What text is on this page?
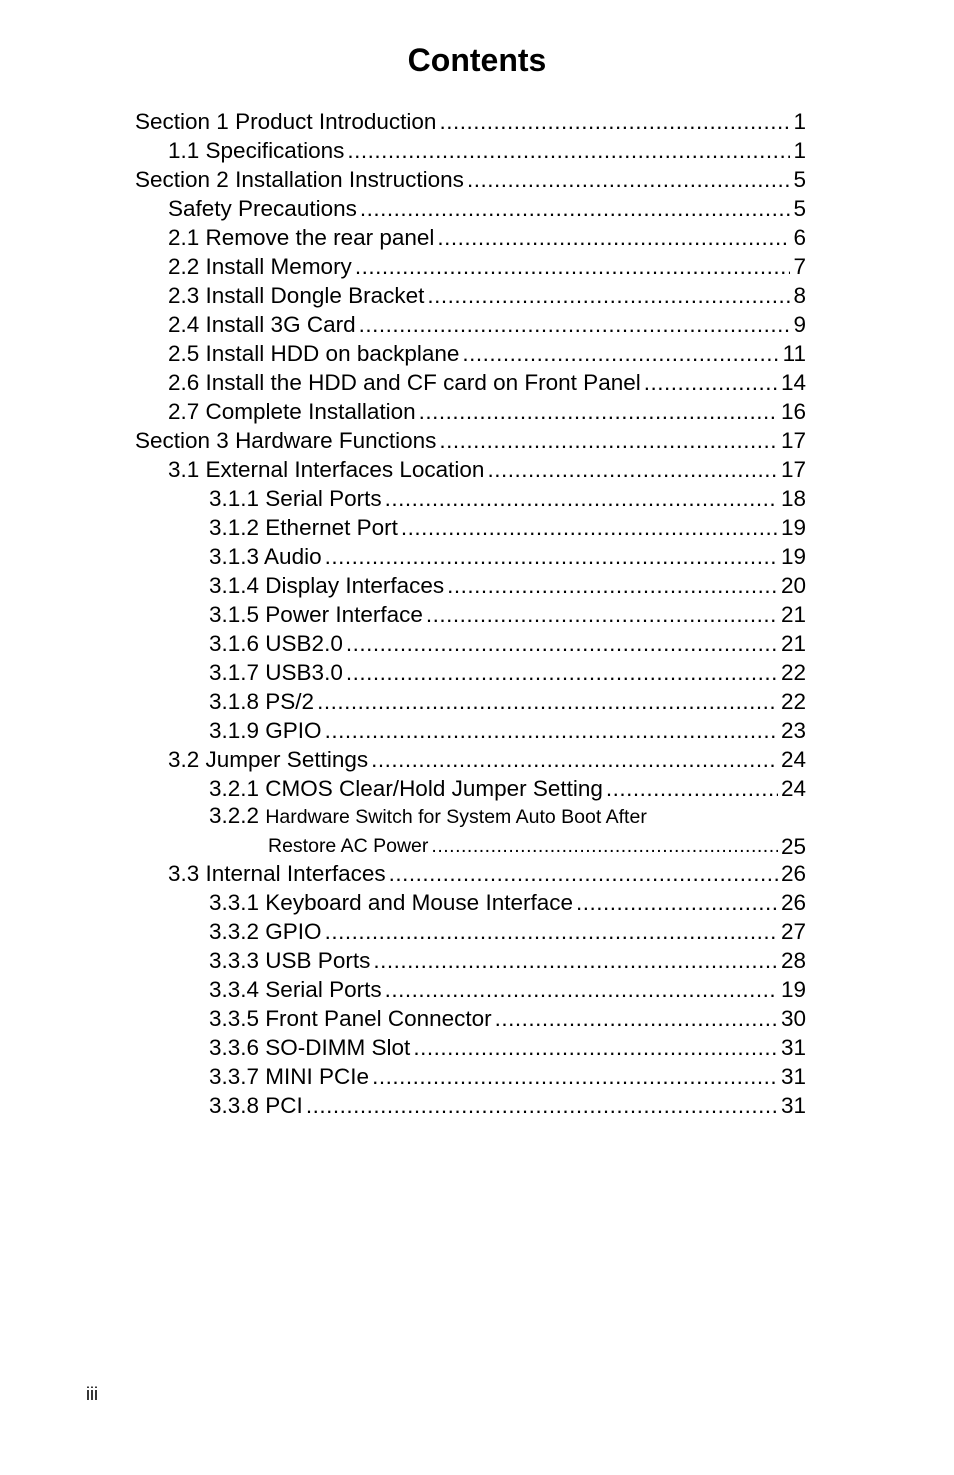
Contents
Section 1 Product Introduction .....	1
1.1 Specifications .....	1
Section 2 Installation Instructions .....	5
Safety Precautions .....	5
2.1 Remove the rear panel .....	6
2.2 Install Memory .....	7
2.3 Install Dongle Bracket .....	8
2.4 Install 3G Card .....	9
2.5 Install HDD on backplane .....	11
2.6 Install the HDD and CF card on Front Panel .....	14
2.7 Complete Installation .....	16
Section 3 Hardware Functions .....	17
3.1 External Interfaces Location .....	17
3.1.1 Serial Ports .....	18
3.1.2 Ethernet Port .....	19
3.1.3 Audio .....	19
3.1.4 Display Interfaces .....	20
3.1.5 Power Interface .....	21
3.1.6 USB2.0 .....	21
3.1.7 USB3.0 .....	22
3.1.8 PS/2 .....	22
3.1.9 GPIO .....	23
3.2 Jumper Settings .....	24
3.2.1 CMOS Clear/Hold Jumper Setting .....	24
3.2.2 Hardware Switch for System Auto Boot After
Restore AC Power .....	25
3.3 Internal Interfaces .....	26
3.3.1 Keyboard and Mouse Interface .....	26
3.3.2 GPIO .....	27
3.3.3 USB Ports .....	28
3.3.4 Serial Ports .....	19
3.3.5 Front Panel Connector .....	30
3.3.6 SO-DIMM Slot .....	31
3.3.7 MINI PCIe .....	31
3.3.8 PCI .....	31
iii
